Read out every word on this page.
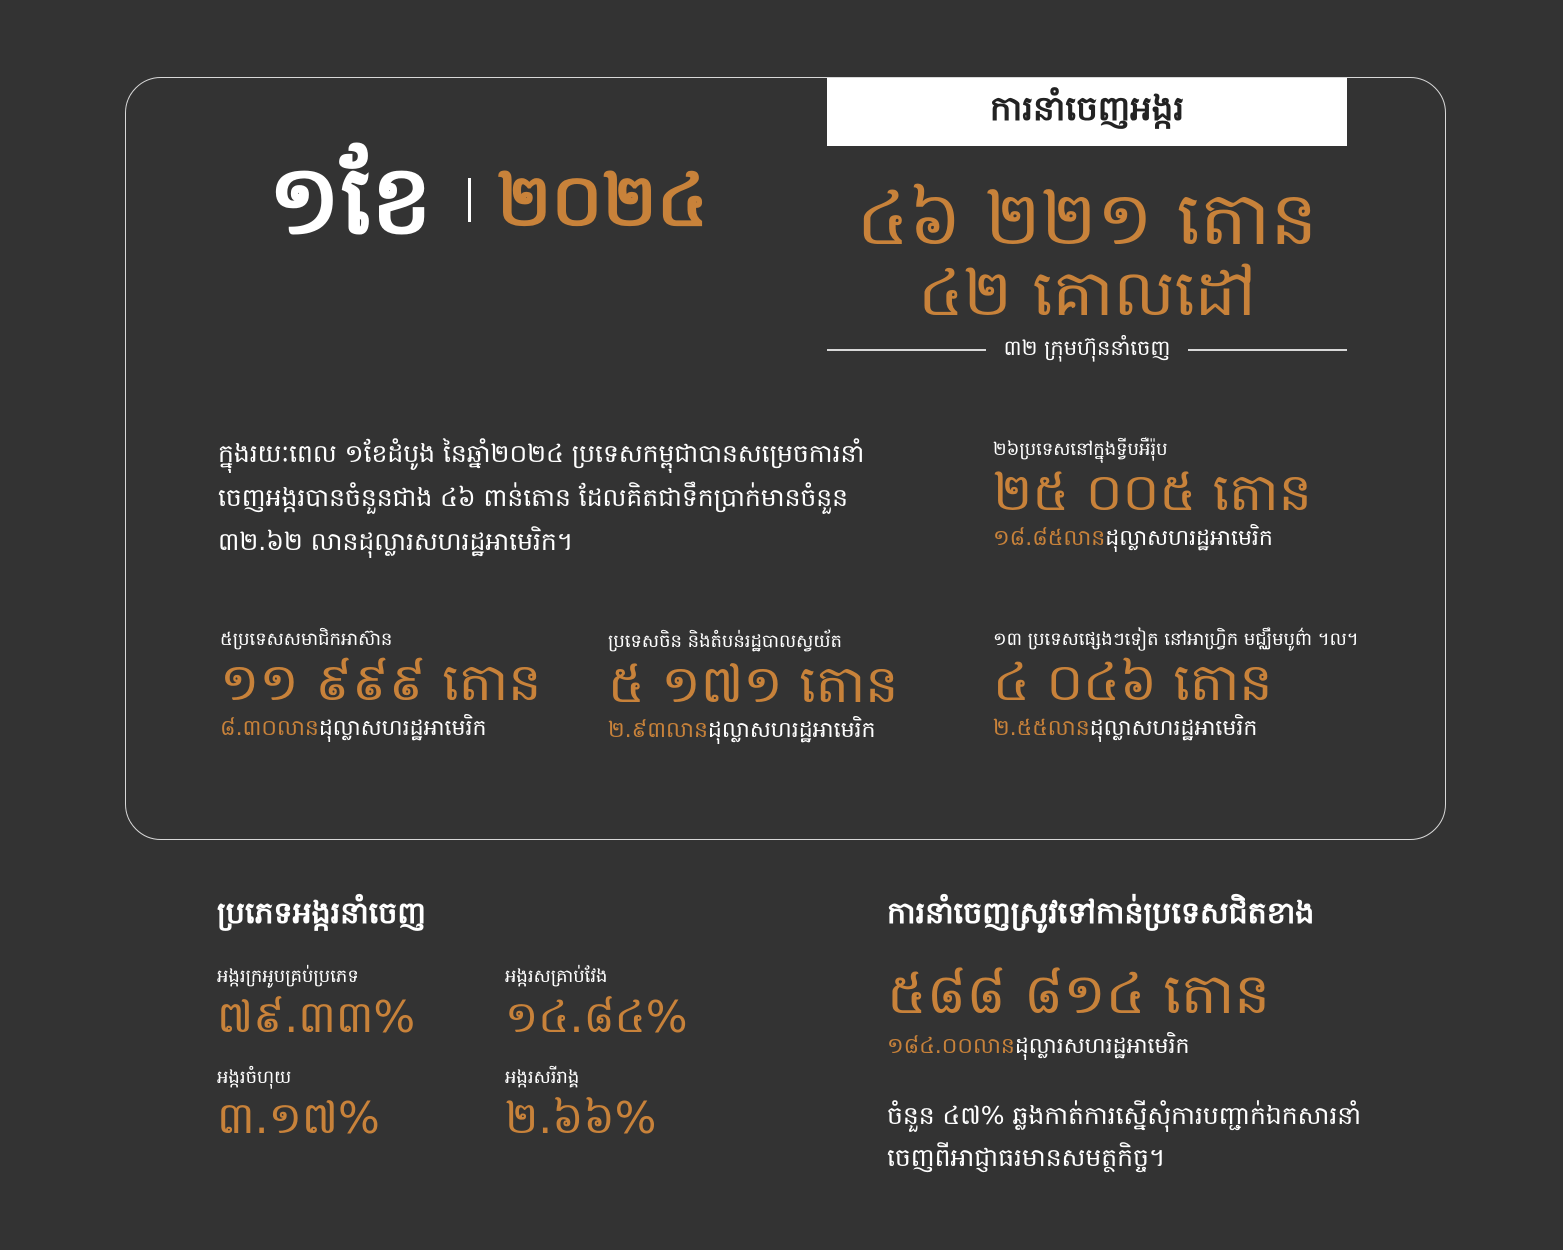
ការនាំចេញអង្ករ
១ខែ ២០២៤	៤៦ ២២១ តោន
៤២ គោលដៅ
៣២ ក្រុមហ៊ុននាំចេញ
ក្នុងរយៈពេល ១ខែដំបូង នៃឆ្នាំ២០២៤ ប្រទេសកម្ពុជាបានសម្រេចការនាំចេញអង្ករបានចំនួនជាង ៤៦ ពាន់តោន ដែលគិតជាទឹកប្រាក់មានចំនួន ៣២.៦២ លានដុល្លារសហរដ្ឋអាមេរិក។
២៦ប្រទេសនៅក្នុងទ្វីបអឺរ៉ុប
២៥ ០០៥ តោន
១៨.៨៥លានដុល្លាសហរដ្ឋអាមេរិក
៥ប្រទេសសមាជិកអាស៊ាន
១១ ៩៩៩ តោន
៨.៣០លានដុល្លាសហរដ្ឋអាមេរិក
ប្រទេសចិន និងតំបន់រដ្ឋបាលស្វយ័ត
៥ ១៧១ តោន
២.៩៣លានដុល្លាសហរដ្ឋអាមេរិក
១៣ ប្រទេសផ្សេងៗទៀត នៅអាហ្វ្រិក មជ្ឈឹមបូព៌ា ។ល។
៤ ០៤៦ តោន
២.៥៥លានដុល្លាសហរដ្ឋអាមេរិក
ប្រភេទអង្ករនាំចេញ
អង្ករក្រអូបគ្រប់ប្រភេទ
៧៩.៣៣%
អង្ករសគ្រាប់វែង
១៤.៨៤%
អង្ករចំហុយ
៣.១៧%
អង្ករសរីរាង្គ
២.៦៦%
ការនាំចេញស្រូវទៅកាន់ប្រទេសជិតខាង
៥៨៨ ៨១៤ តោន
១៨៤.០០លានដុល្លារសហរដ្ឋអាមេរិក
ចំនួន ៤៧% ឆ្លងកាត់ការស្នើសុំការបញ្ជាក់ឯកសារនាំចេញពីអាជ្ញាធរមានសមត្ថកិច្ច។
